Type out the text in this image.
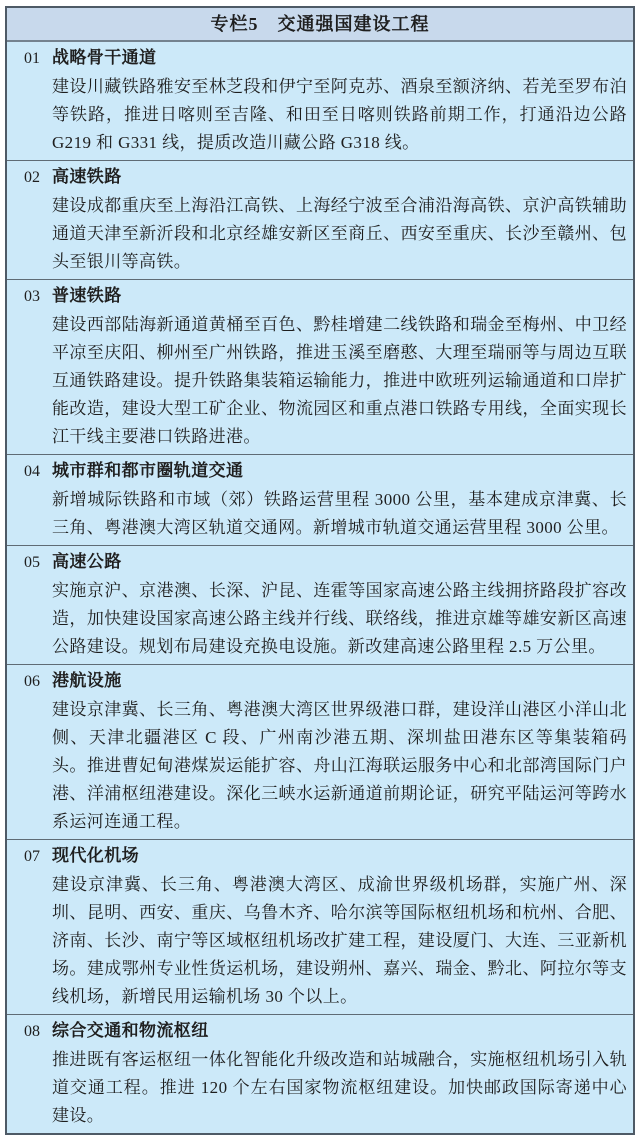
专栏5　交通强国建设工程
01 战略骨干通道

建设川藏铁路雅安至林芝段和伊宁至阿克苏、酒泉至额济纳、若羌至罗布泊等铁路，推进日喀则至吉隆、和田至日喀则铁路前期工作，打通沿边公路 G219 和 G331 线，提质改造川藏公路 G318 线。

02 高速铁路

建设成都重庆至上海沿江高铁、上海经宁波至合浦沿海高铁、京沪高铁辅助通道天津至新沂段和北京经雄安新区至商丘、西安至重庆、长沙至赣州、包头至银川等高铁。

03 普速铁路

建设西部陆海新通道黄桶至百色、黔桂增建二线铁路和瑞金至梅州、中卫经平凉至庆阳、柳州至广州铁路，推进玉溪至磨憨、大理至瑞丽等与周边互联互通铁路建设。提升铁路集装箱运输能力，推进中欧班列运输通道和口岸扩能改造，建设大型工矿企业、物流园区和重点港口铁路专用线，全面实现长江干线主要港口铁路进港。

04 城市群和都市圈轨道交通

新增城际铁路和市域（郊）铁路运营里程 3000 公里，基本建成京津冀、长三角、粤港澳大湾区轨道交通网。新增城市轨道交通运营里程 3000 公里。

05 高速公路

实施京沪、京港澳、长深、沪昆、连霍等国家高速公路主线拥挤路段扩容改造，加快建设国家高速公路主线并行线、联络线，推进京雄等雄安新区高速公路建设。规划布局建设充换电设施。新改建高速公路里程 2.5 万公里。

06 港航设施

建设京津冀、长三角、粤港澳大湾区世界级港口群，建设洋山港区小洋山北侧、天津北疆港区 C 段、广州南沙港五期、深圳盐田港东区等集装箱码头。推进曹妃甸港煤炭运能扩容、舟山江海联运服务中心和北部湾国际门户港、洋浦枢纽港建设。深化三峡水运新通道前期论证，研究平陆运河等跨水系运河连通工程。

07 现代化机场

建设京津冀、长三角、粤港澳大湾区、成渝世界级机场群，实施广州、深圳、昆明、西安、重庆、乌鲁木齐、哈尔滨等国际枢纽机场和杭州、合肥、济南、长沙、南宁等区域枢纽机场改扩建工程，建设厦门、大连、三亚新机场。建成鄂州专业性货运机场，建设朔州、嘉兴、瑞金、黔北、阿拉尔等支线机场，新增民用运输机场 30 个以上。

08 综合交通和物流枢纽

推进既有客运枢纽一体化智能化升级改造和站城融合，实施枢纽机场引入轨道交通工程。推进 120 个左右国家物流枢纽建设。加快邮政国际寄递中心建设。
